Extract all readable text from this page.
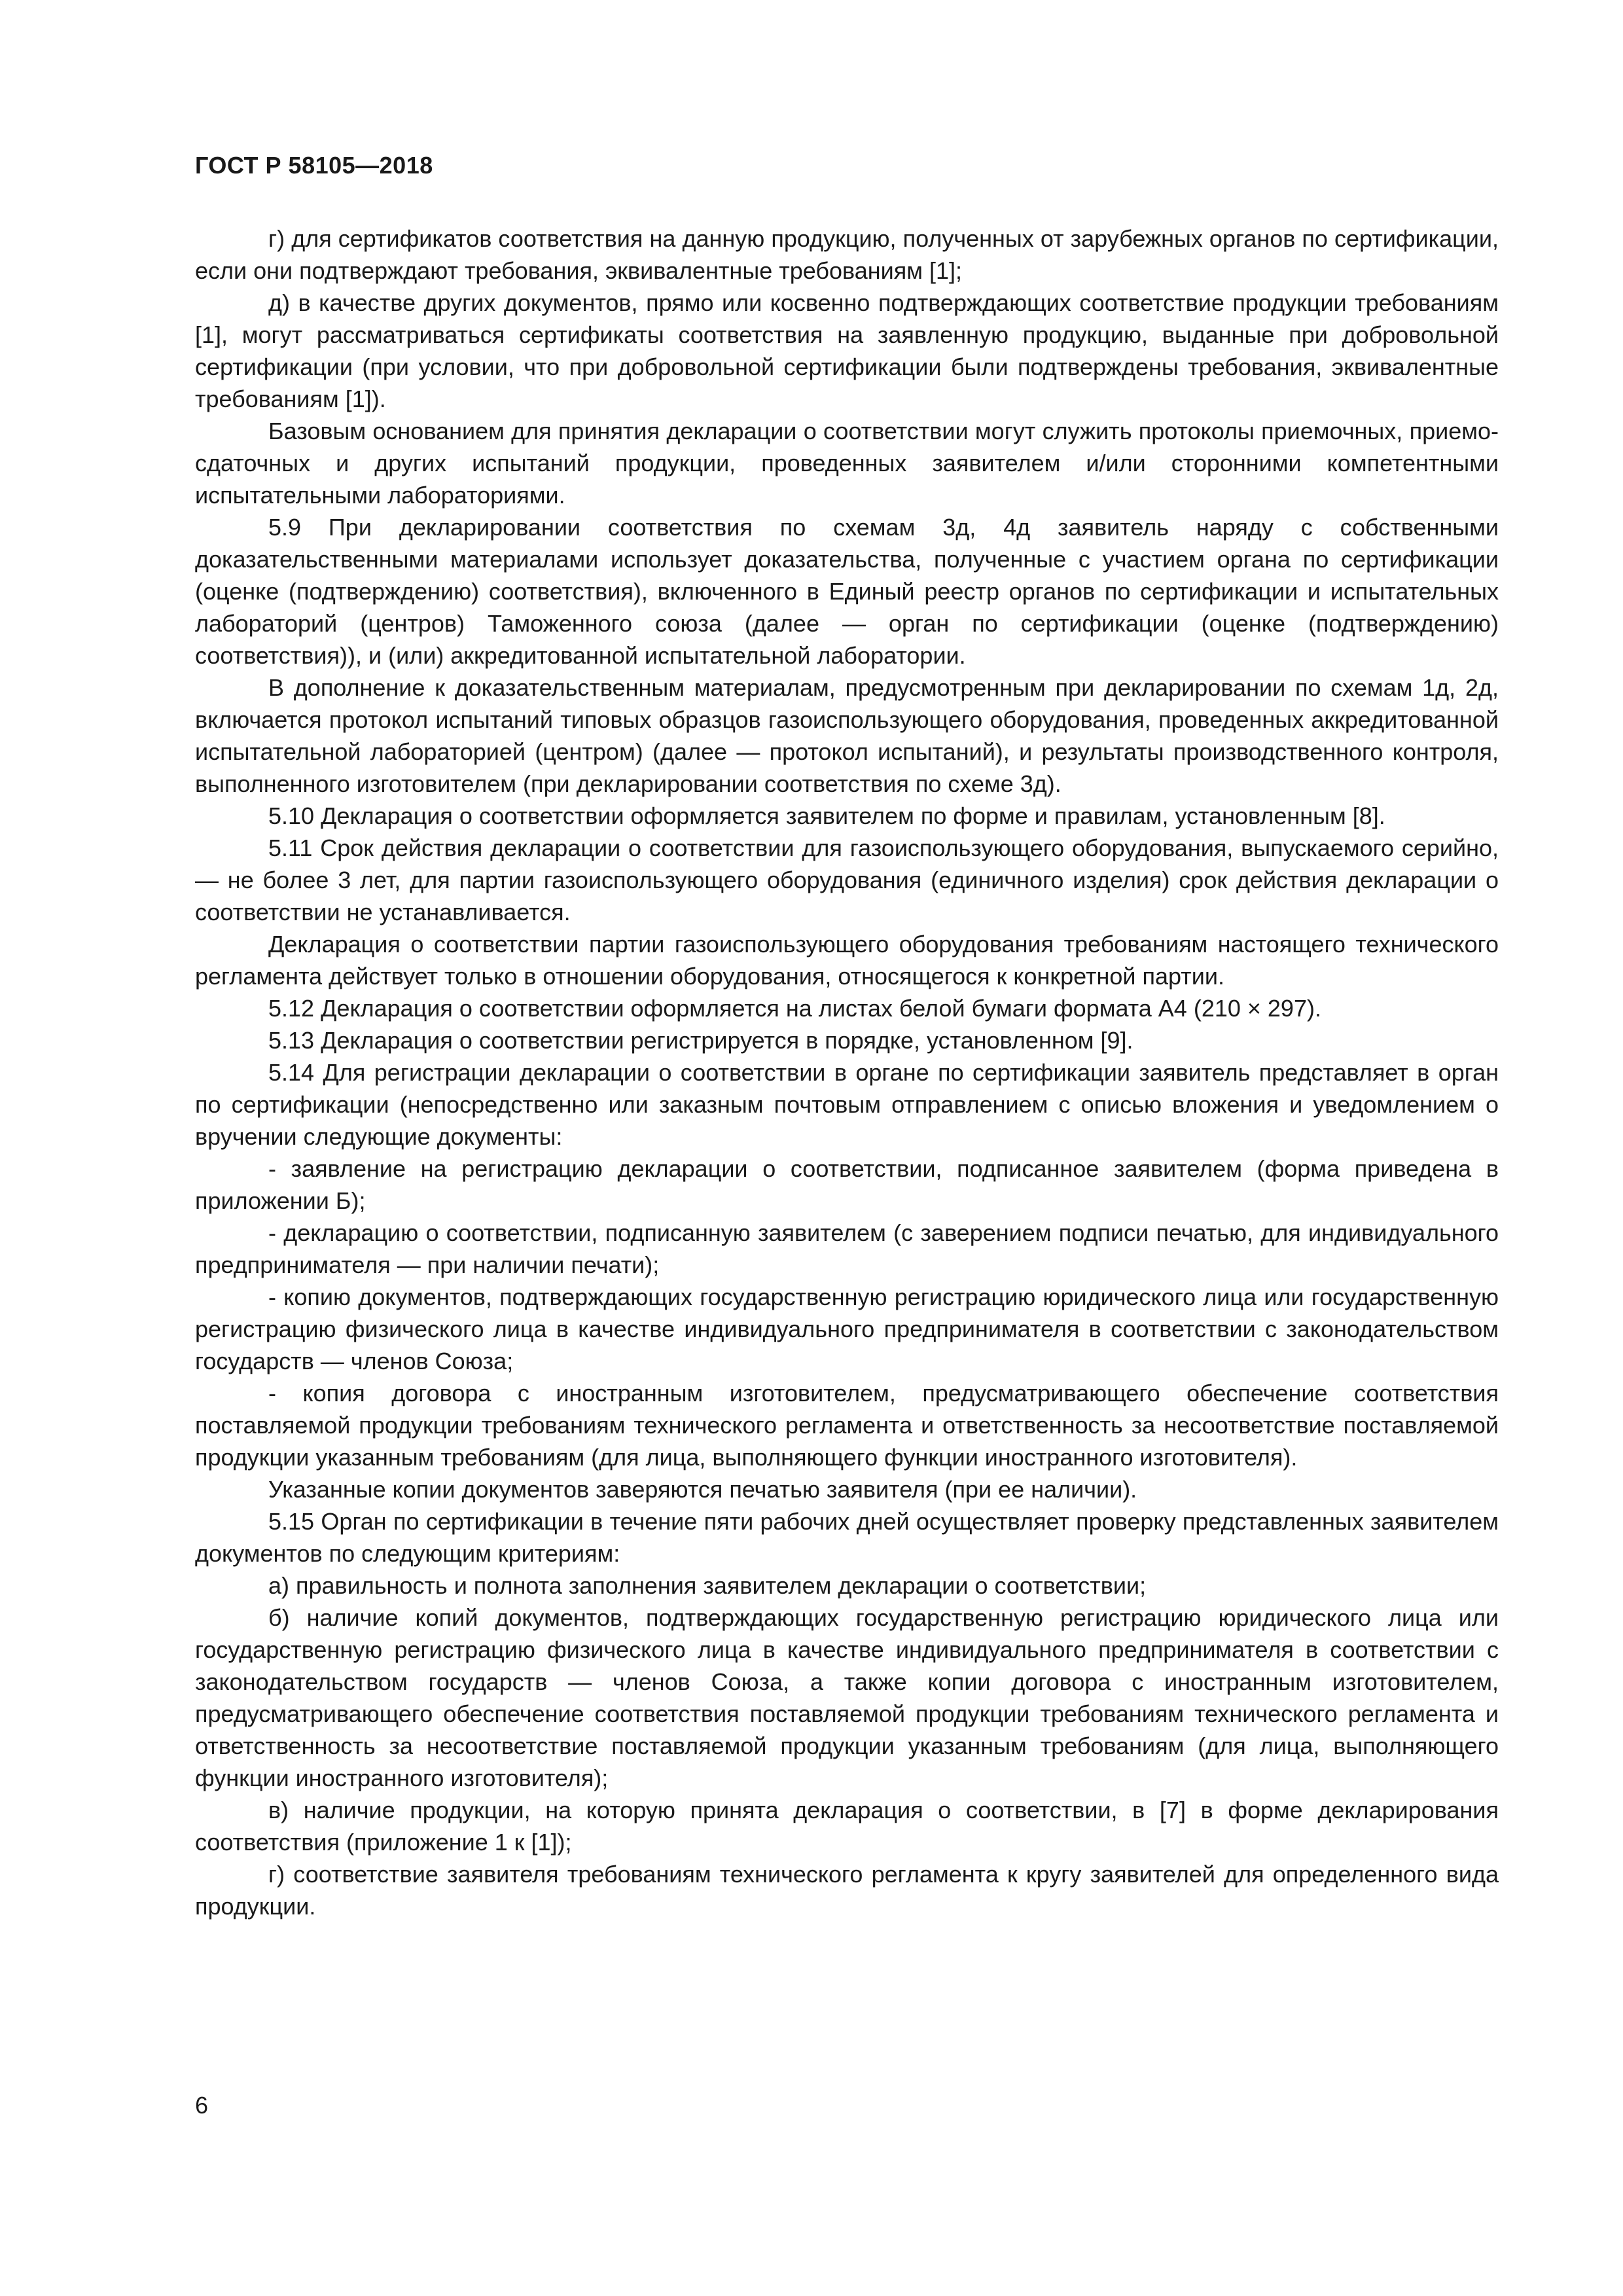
ГОСТ Р 58105—2018

г) для сертификатов соответствия на данную продукцию, полученных от зарубежных органов по сертификации, если они подтверждают требования, эквивалентные требованиям [1];

д) в качестве других документов, прямо или косвенно подтверждающих соответствие продукции требованиям [1], могут рассматриваться сертификаты соответствия на заявленную продукцию, выданные при добровольной сертификации (при условии, что при добровольной сертификации были подтверждены требования, эквивалентные требованиям [1]).

Базовым основанием для принятия декларации о соответствии могут служить протоколы приемочных, приемо-сдаточных и других испытаний продукции, проведенных заявителем и/или сторонними компетентными испытательными лабораториями.

5.9 При декларировании соответствия по схемам 3д, 4д заявитель наряду с собственными доказательственными материалами использует доказательства, полученные с участием органа по сертификации (оценке (подтверждению) соответствия), включенного в Единый реестр органов по сертификации и испытательных лабораторий (центров) Таможенного союза (далее — орган по сертификации (оценке (подтверждению) соответствия)), и (или) аккредитованной испытательной лаборатории.

В дополнение к доказательственным материалам, предусмотренным при декларировании по схемам 1д, 2д, включается протокол испытаний типовых образцов газоиспользующего оборудования, проведенных аккредитованной испытательной лабораторией (центром) (далее — протокол испытаний), и результаты производственного контроля, выполненного изготовителем (при декларировании соответствия по схеме 3д).

5.10 Декларация о соответствии оформляется заявителем по форме и правилам, установленным [8].

5.11 Срок действия декларации о соответствии для газоиспользующего оборудования, выпускаемого серийно, — не более 3 лет, для партии газоиспользующего оборудования (единичного изделия) срок действия декларации о соответствии не устанавливается.

Декларация о соответствии партии газоиспользующего оборудования требованиям настоящего технического регламента действует только в отношении оборудования, относящегося к конкретной партии.

5.12 Декларация о соответствии оформляется на листах белой бумаги формата А4 (210 × 297).

5.13 Декларация о соответствии регистрируется в порядке, установленном [9].

5.14 Для регистрации декларации о соответствии в органе по сертификации заявитель представляет в орган по сертификации (непосредственно или заказным почтовым отправлением с описью вложения и уведомлением о вручении следующие документы:

- заявление на регистрацию декларации о соответствии, подписанное заявителем (форма приведена в приложении Б);

- декларацию о соответствии, подписанную заявителем (с заверением подписи печатью, для индивидуального предпринимателя — при наличии печати);

- копию документов, подтверждающих государственную регистрацию юридического лица или государственную регистрацию физического лица в качестве индивидуального предпринимателя в соответствии с законодательством государств — членов Союза;

- копия договора с иностранным изготовителем, предусматривающего обеспечение соответствия поставляемой продукции требованиям технического регламента и ответственность за несоответствие поставляемой продукции указанным требованиям (для лица, выполняющего функции иностранного изготовителя).

Указанные копии документов заверяются печатью заявителя (при ее наличии).

5.15 Орган по сертификации в течение пяти рабочих дней осуществляет проверку представленных заявителем документов по следующим критериям:

а) правильность и полнота заполнения заявителем декларации о соответствии;

б) наличие копий документов, подтверждающих государственную регистрацию юридического лица или государственную регистрацию физического лица в качестве индивидуального предпринимателя в соответствии с законодательством государств — членов Союза, а также копии договора с иностранным изготовителем, предусматривающего обеспечение соответствия поставляемой продукции требованиям технического регламента и ответственность за несоответствие поставляемой продукции указанным требованиям (для лица, выполняющего функции иностранного изготовителя);

в) наличие продукции, на которую принята декларация о соответствии, в [7] в форме декларирования соответствия (приложение 1 к [1]);

г) соответствие заявителя требованиям технического регламента к кругу заявителей для определенного вида продукции.

6
